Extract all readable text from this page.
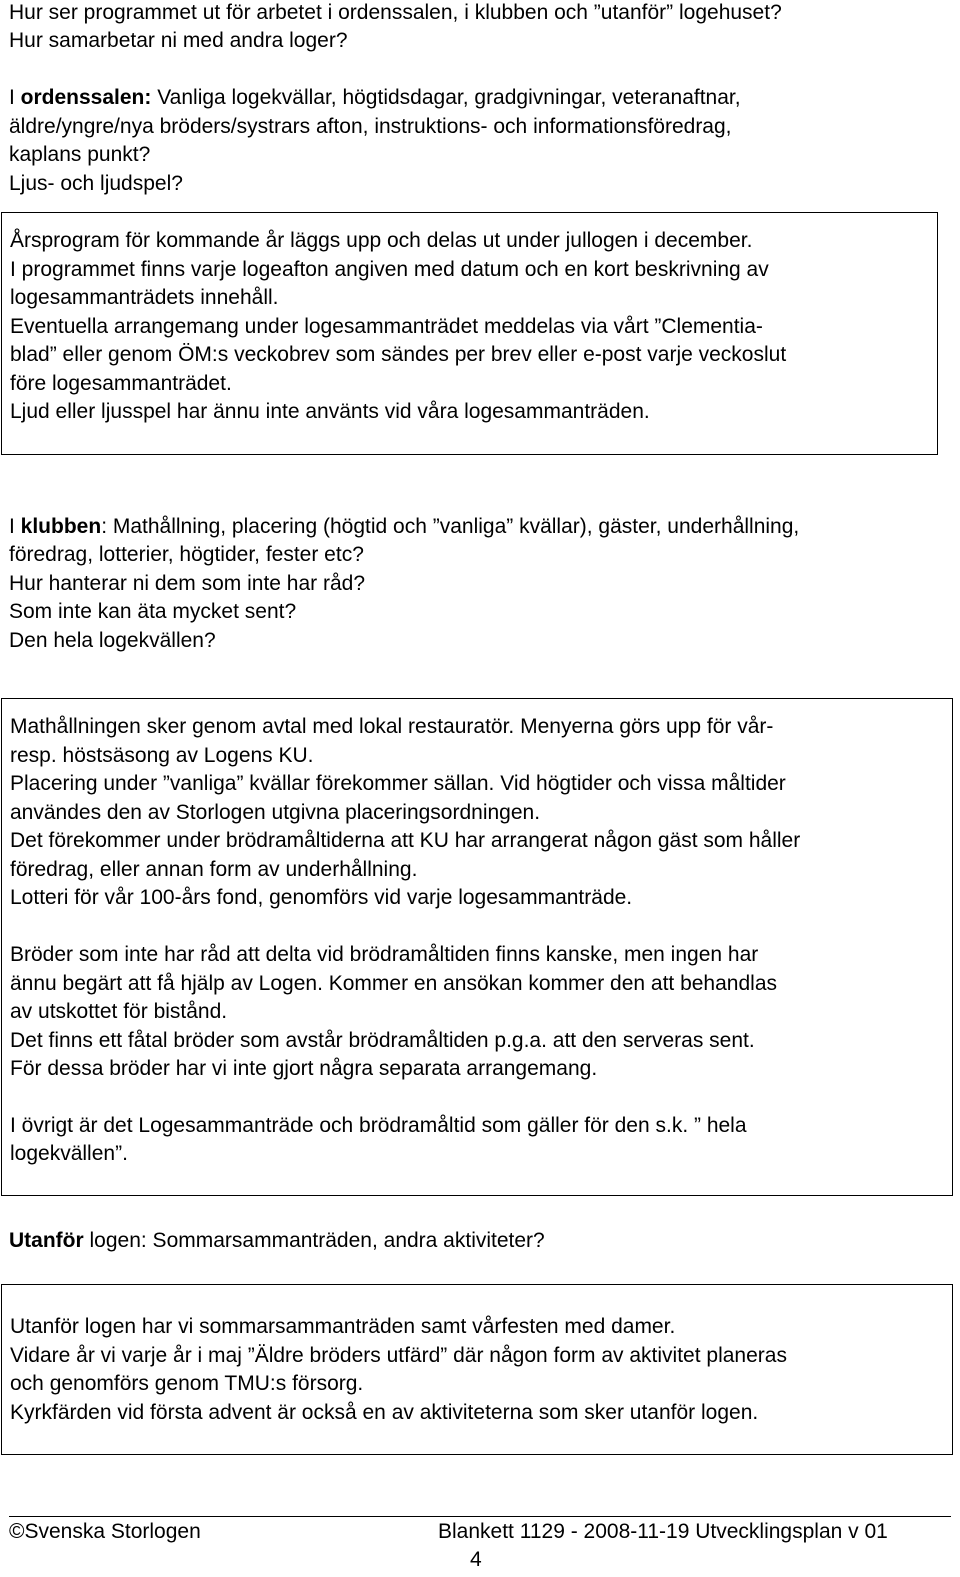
Hur ser programmet ut för arbetet i ordenssalen, i klubben och ”utanför” logehuset?
Hur samarbetar ni med andra loger?
I ordenssalen: Vanliga logekvällar, högtidsdagar, gradgivningar, veteranaftnar,
äldre/yngre/nya bröders/systrars afton, instruktions- och informationsföredrag,
kaplans punkt?
Ljus- och ljudspel?
Årsprogram för kommande år läggs upp och delas ut under jullogen i december.
I programmet finns varje logeafton angiven med datum och en kort beskrivning av
logesammanträdets innehåll.
Eventuella arrangemang under logesammanträdet meddelas via vårt ”Clementia-
blad” eller genom ÖM:s veckobrev som sändes per brev eller e-post varje veckoslut
före logesammanträdet.
Ljud eller ljusspel har ännu inte använts vid våra logesammanträden.
I klubben: Mathållning, placering (högtid och ”vanliga” kvällar), gäster, underhållning,
föredrag, lotterier, högtider, fester etc?
Hur hanterar ni dem som inte har råd?
Som inte kan äta mycket sent?
Den hela logekvällen?
Mathållningen sker genom avtal med lokal restauratör. Menyerna görs upp för vår-
resp. höstsäsong av Logens KU.
Placering under ”vanliga” kvällar förekommer sällan. Vid högtider och vissa måltider
användes den av Storlogen utgivna placeringsordningen.
Det förekommer under brödramåltiderna att KU har arrangerat någon gäst som håller
föredrag, eller annan form av underhållning.
Lotteri för vår 100-års fond, genomförs vid varje logesammanträde.
Bröder som inte har råd att delta vid brödramåltiden finns kanske, men ingen har
ännu begärt att få hjälp av Logen. Kommer en ansökan kommer den att behandlas
av utskottet för bistånd.
Det finns ett fåtal bröder som avstår brödramåltiden p.g.a. att den serveras sent.
För dessa bröder har vi inte gjort några separata arrangemang.
I övrigt är det Logesammanträde och brödramåltid som gäller för den s.k. ” hela
logekvällen”.
Utanför logen: Sommarsammanträden, andra aktiviteter?
Utanför logen har vi sommarsammanträden samt vårfesten med damer.
Vidare år vi varje år i maj ”Äldre bröders utfärd” där någon form av aktivitet planeras
och genomförs genom TMU:s försorg.
Kyrkfärden vid första advent är också en av aktiviteterna som sker utanför logen.
©Svenska Storlogen	Blankett 1129 - 2008-11-19 Utvecklingsplan v 01
4
